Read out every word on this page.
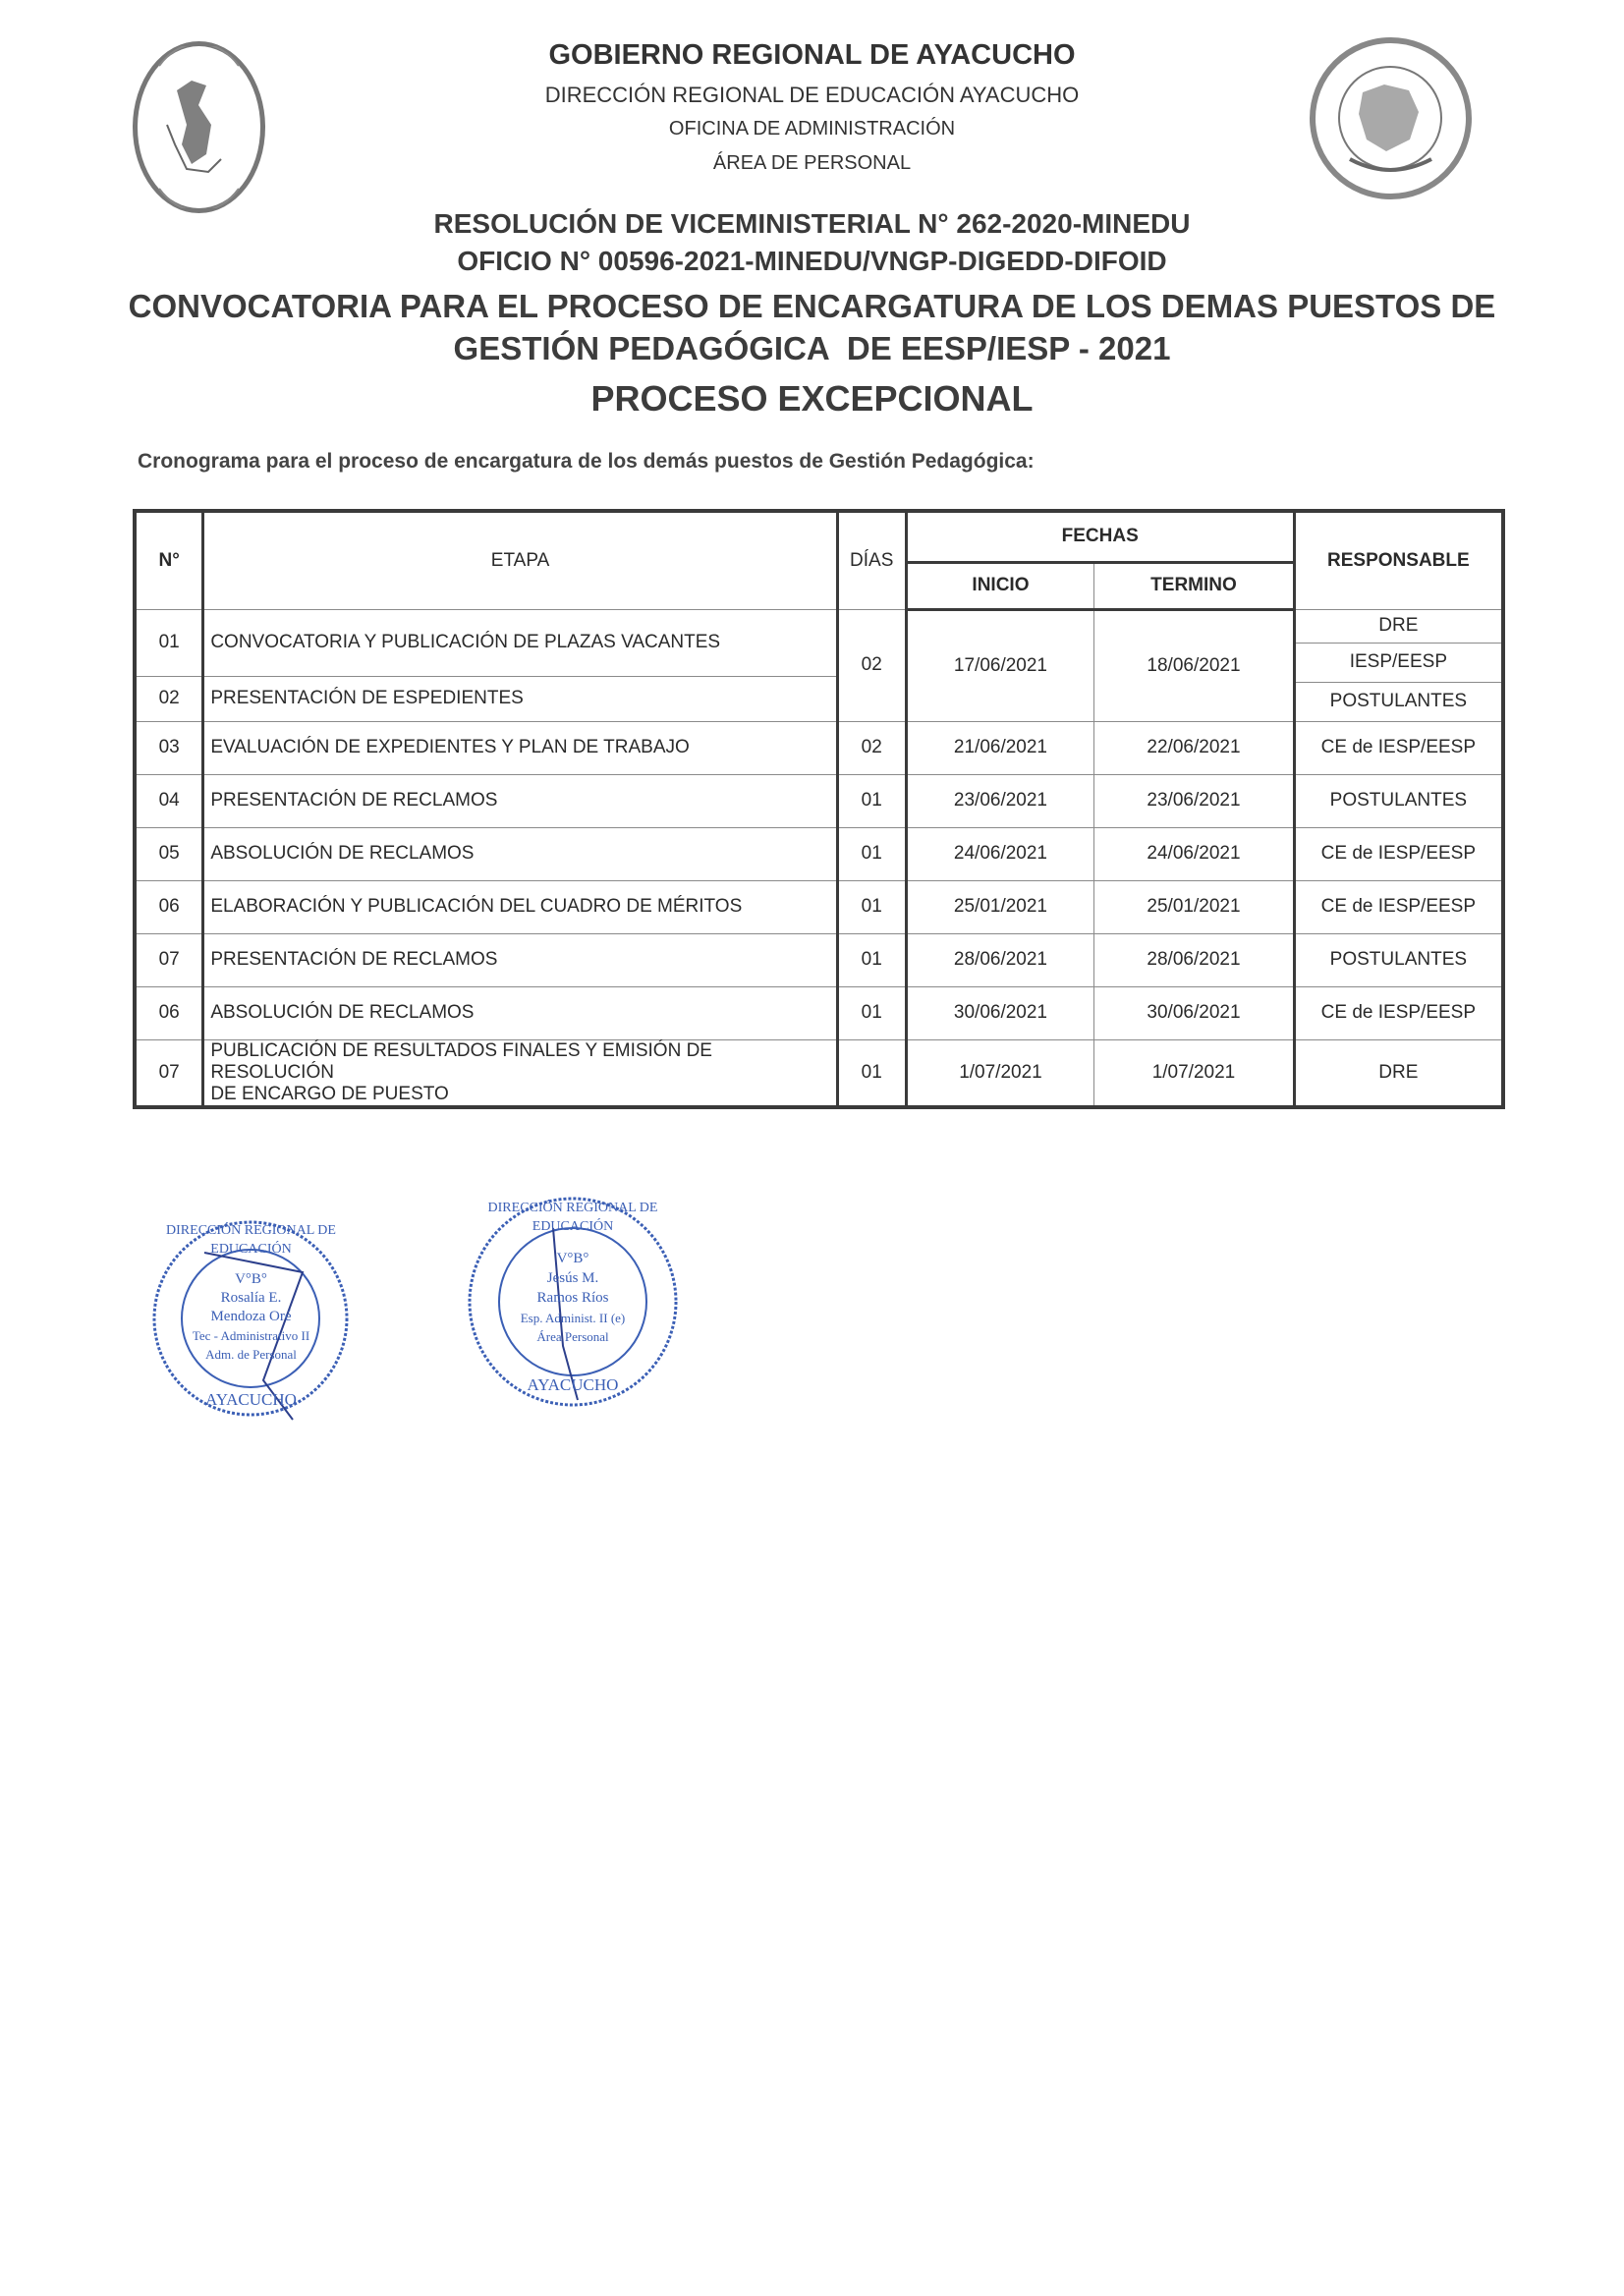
GOBIERNO REGIONAL DE AYACUCHO
DIRECCIÓN REGIONAL DE EDUCACIÓN AYACUCHO
OFICINA DE ADMINISTRACIÓN
ÁREA DE PERSONAL
RESOLUCIÓN DE VICEMINISTERIAL N° 262-2020-MINEDU
OFICIO N° 00596-2021-MINEDU/VNGP-DIGEDD-DIFOID
CONVOCATORIA PARA EL PROCESO DE ENCARGATURA DE LOS DEMAS PUESTOS DE
GESTIÓN PEDAGÓGICA  DE EESP/IESP - 2021
PROCESO EXCEPCIONAL
Cronograma para el proceso de encargatura de los demás puestos de Gestión Pedagógica:
N°	ETAPA	DÍAS	FECHAS		RESPONSABLE
			INICIO	TERMINO	
01	CONVOCATORIA Y PUBLICACIÓN DE PLAZAS VACANTES	02	17/06/2021	18/06/2021	DRE
					IESP/EESP
02	PRESENTACIÓN DE ESPEDIENTES				
					POSTULANTES
03	EVALUACIÓN DE EXPEDIENTES Y PLAN DE TRABAJO	02	21/06/2021	22/06/2021	CE de IESP/EESP
04	PRESENTACIÓN DE RECLAMOS	01	23/06/2021	23/06/2021	POSTULANTES
05	ABSOLUCIÓN DE RECLAMOS	01	24/06/2021	24/06/2021	CE de IESP/EESP
06	ELABORACIÓN Y PUBLICACIÓN DEL CUADRO DE MÉRITOS	01	25/01/2021	25/01/2021	CE de IESP/EESP
07	PRESENTACIÓN DE RECLAMOS	01	28/06/2021	28/06/2021	POSTULANTES
06	ABSOLUCIÓN DE RECLAMOS	01	30/06/2021	30/06/2021	CE de IESP/EESP
07	PUBLICACIÓN DE RESULTADOS FINALES Y EMISIÓN DE RESOLUCIÓN
DE ENCARGO DE PUESTO	01	1/07/2021	1/07/2021	DRE
DIRECCIÓN REGIONAL DE EDUCACIÓN
V°B°
Rosalía E.
Mendoza Oré
Tec - Administrativo II
Adm. de Personal
AYACUCHO
DIRECCIÓN REGIONAL DE EDUCACIÓN
V°B°
Jesús M.
Ramos Ríos
Esp. Administ. II (e)
Área Personal
AYACUCHO
